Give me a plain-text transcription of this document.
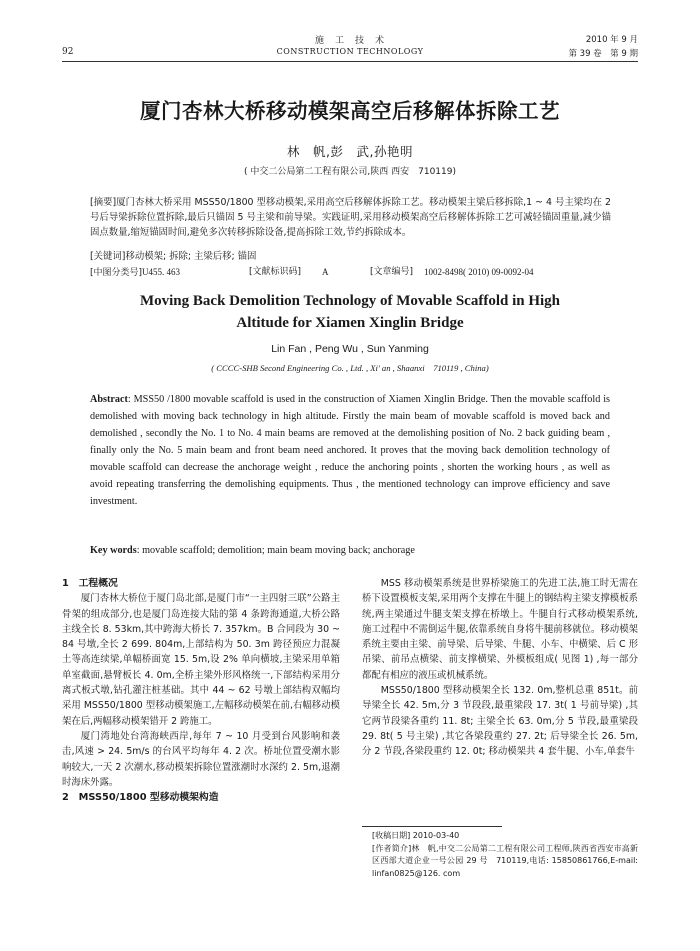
92
施　工　技　术
CONSTRUCTION TECHNOLOGY
2010 年 9 月
第 39 卷　第 9 期
厦门杏林大桥移动模架高空后移解体拆除工艺
林　帆,彭　武,孙艳明
( 中交二公局第二工程有限公司,陕西 西安　710119)
[摘要]厦门杏林大桥采用 MSS50/1800 型移动模架,采用高空后移解体拆除工艺。移动模架主梁后移拆除,1 ~ 4 号主梁均在 2 号后导梁拆除位置拆除,最后只锚固 5 号主梁和前导梁。实践证明,采用移动模架高空后移解体拆除工艺可减轻锚固重量,减少锚固点数量,缩短锚固时间,避免多次转移拆除设备,提高拆除工效,节约拆除成本。
[关键词]移动模架; 拆除; 主梁后移; 锚固
[中图分类号]U455. 463	[文献标识码] A	[文章编号] 1002-8498( 2010) 09-0092-04
Moving Back Demolition Technology of Movable Scaffold in High
Altitude for Xiamen Xinglin Bridge
Lin Fan , Peng Wu , Sun Yanming
( CCCC-SHB Second Engineering Co. , Ltd. , Xi' an , Shaanxi　710119 , China)
Abstract: MSS50 /1800 movable scaffold is used in the construction of Xiamen Xinglin Bridge. Then the movable scaffold is demolished with moving back technology in high altitude. Firstly the main beam of movable scaffold is moved back and demolished , secondly the No. 1 to No. 4 main beams are removed at the demolishing position of No. 2 back guiding beam , finally only the No. 5 main beam and front beam need anchored. It proves that the moving back demolition technology of movable scaffold can decrease the anchorage weight , reduce the anchoring points , shorten the working hours , as well as avoid repeating transferring the demolishing equipments. Thus , the mentioned technology can improve efficiency and save investment.
Key words: movable scaffold; demolition; main beam moving back; anchorage
1　工程概况

厦门杏林大桥位于厦门岛北部,是厦门市“一主四射三联”公路主骨架的组成部分,也是厦门岛连接大陆的第 4 条跨海通道,大桥公路主线全长 8. 53km,其中跨海大桥长 7. 357km。B 合同段为 30 ~ 84 号墩,全长 2 699. 804m,上部结构为 50. 3m 跨径预应力混凝土等高连续梁,单幅桥面宽 15. 5m,设 2% 单向横坡,主梁采用单箱单室截面,悬臂板长 4. 0m,全桥主梁外形风格统一,下部结构采用分离式板式墩,钻孔灌注桩基础。其中 44 ~ 62 号墩上部结构双幅均采用 MSS50/1800 型移动模架施工,左幅移动模架在前,右幅移动模架在后,两幅移动模架错开 2 跨施工。

厦门湾地处台湾海峡西岸,每年 7 ~ 10 月受到台风影响和袭击,风速 > 24. 5m/s 的台风平均每年 4. 2 次。桥址位置受潮水影响较大,一天 2 次潮水,移动模架拆除位置涨潮时水深约 2. 5m,退潮时海床外露。

2　MSS50/1800 型移动模架构造

MSS 移动模架系统是世界桥梁施工的先进工法,施工时无需在桥下设置模板支架,采用两个支撑在牛腿上的钢结构主梁支撑模板系统,两主梁通过牛腿支架支撑在桥墩上。牛腿自行式移动模架系统,施工过程中不需倒运牛腿,依靠系统自身将牛腿前移就位。移动模架系统主要由主梁、前导梁、后导梁、牛腿、小车、中横梁、后 C 形吊梁、前吊点横梁、前支撑横梁、外模板组成( 见图 1) ,每一部分都配有相应的液压或机械系统。

MSS50/1800 型移动模架全长 132. 0m,整机总重 851t。前导梁全长 42. 5m,分 3 节段段,最重梁段 17. 3t( 1 号前导梁) ,其它两节段梁各重约 11. 8t; 主梁全长 63. 0m,分 5 节段,最重梁段 29. 8t( 5 号主梁) ,其它各梁段重约 27. 2t; 后导梁全长 26. 5m,分 2 节段,各梁段重约 12. 0t; 移动模架共 4 套牛腿、小车,单套牛

[收稿日期] 2010-03-40
[作者简介]林　帆,中交二公局第二工程有限公司工程师,陕西省西安市高新区西部大道企业一号公园 29 号　710119,电话: 15850861766,E-mail: linfan0825@126. com
